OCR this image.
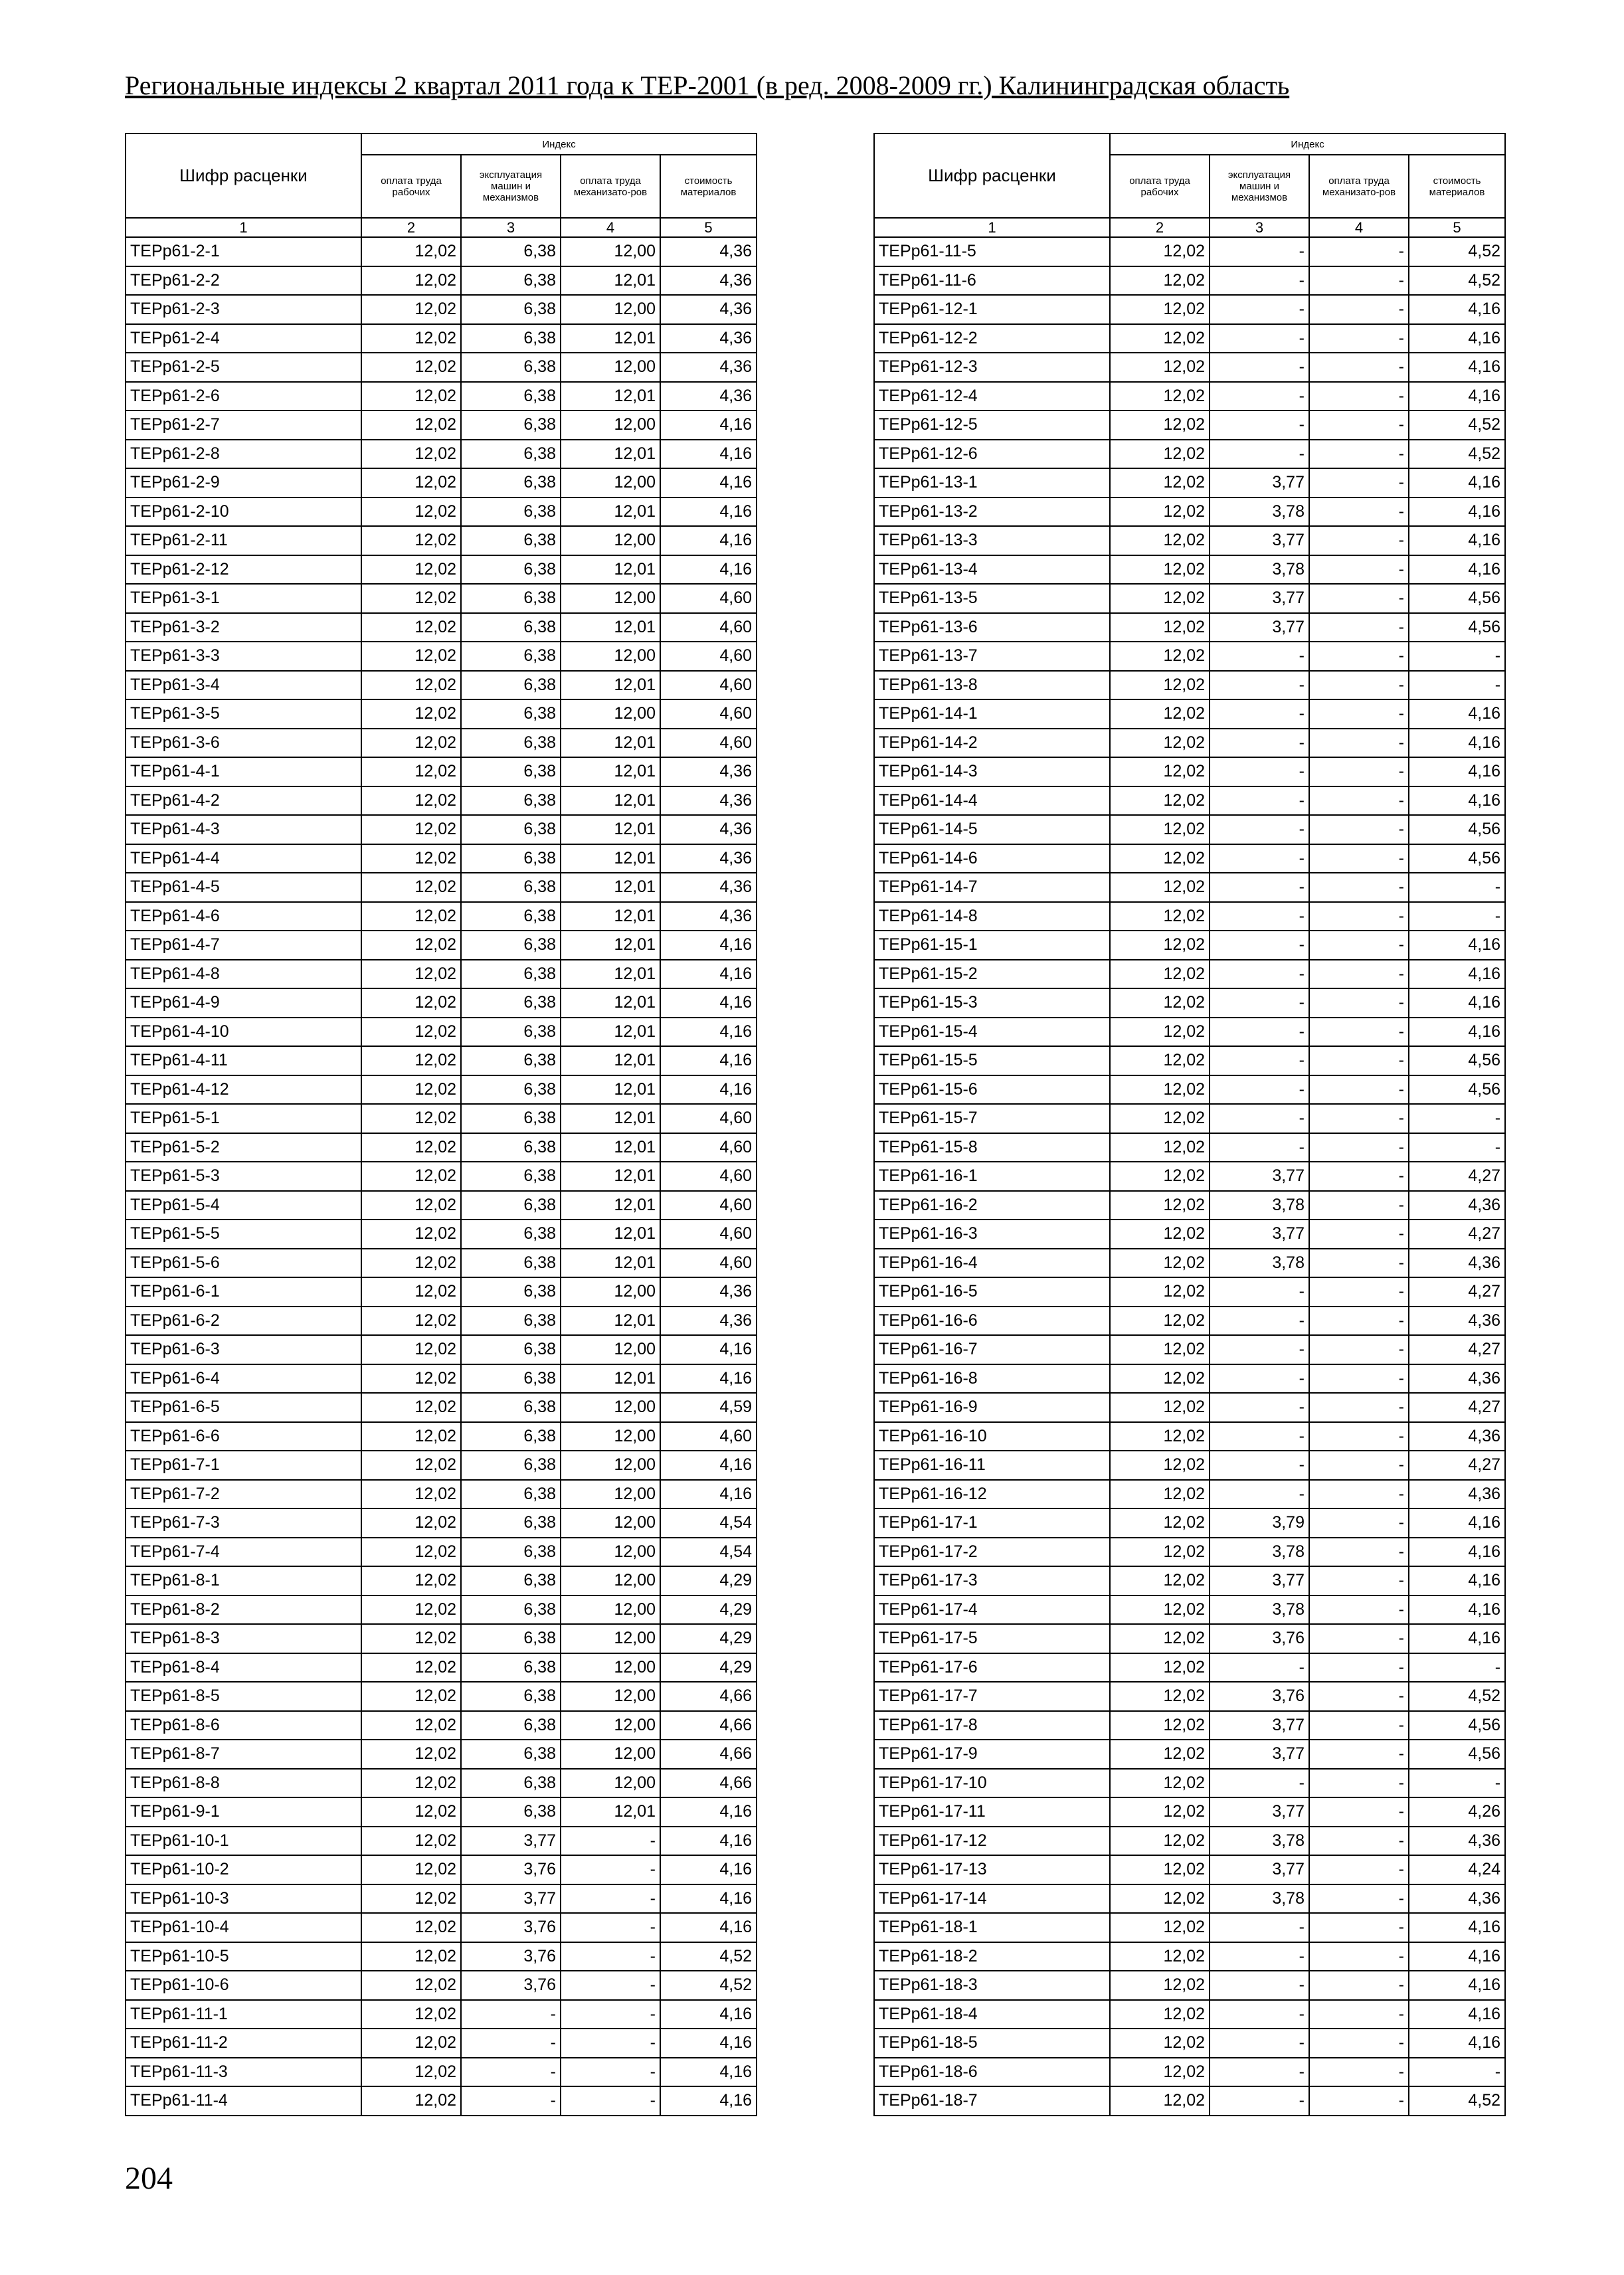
Региональные индексы 2 квартал 2011 года к ТЕР-2001 (в ред. 2008-2009 гг.) Калининградская область
Шифр расценки	Индекс			
	оплата труда рабочих	эксплуатация машин и механизмов	оплата труда механизато-ров	стоимость материалов
1	2	3	4	5
ТЕРр61-2-1	12,02	6,38	12,00	4,36
ТЕРр61-2-2	12,02	6,38	12,01	4,36
ТЕРр61-2-3	12,02	6,38	12,00	4,36
ТЕРр61-2-4	12,02	6,38	12,01	4,36
ТЕРр61-2-5	12,02	6,38	12,00	4,36
ТЕРр61-2-6	12,02	6,38	12,01	4,36
ТЕРр61-2-7	12,02	6,38	12,00	4,16
ТЕРр61-2-8	12,02	6,38	12,01	4,16
ТЕРр61-2-9	12,02	6,38	12,00	4,16
ТЕРр61-2-10	12,02	6,38	12,01	4,16
ТЕРр61-2-11	12,02	6,38	12,00	4,16
ТЕРр61-2-12	12,02	6,38	12,01	4,16
ТЕРр61-3-1	12,02	6,38	12,00	4,60
ТЕРр61-3-2	12,02	6,38	12,01	4,60
ТЕРр61-3-3	12,02	6,38	12,00	4,60
ТЕРр61-3-4	12,02	6,38	12,01	4,60
ТЕРр61-3-5	12,02	6,38	12,00	4,60
ТЕРр61-3-6	12,02	6,38	12,01	4,60
ТЕРр61-4-1	12,02	6,38	12,01	4,36
ТЕРр61-4-2	12,02	6,38	12,01	4,36
ТЕРр61-4-3	12,02	6,38	12,01	4,36
ТЕРр61-4-4	12,02	6,38	12,01	4,36
ТЕРр61-4-5	12,02	6,38	12,01	4,36
ТЕРр61-4-6	12,02	6,38	12,01	4,36
ТЕРр61-4-7	12,02	6,38	12,01	4,16
ТЕРр61-4-8	12,02	6,38	12,01	4,16
ТЕРр61-4-9	12,02	6,38	12,01	4,16
ТЕРр61-4-10	12,02	6,38	12,01	4,16
ТЕРр61-4-11	12,02	6,38	12,01	4,16
ТЕРр61-4-12	12,02	6,38	12,01	4,16
ТЕРр61-5-1	12,02	6,38	12,01	4,60
ТЕРр61-5-2	12,02	6,38	12,01	4,60
ТЕРр61-5-3	12,02	6,38	12,01	4,60
ТЕРр61-5-4	12,02	6,38	12,01	4,60
ТЕРр61-5-5	12,02	6,38	12,01	4,60
ТЕРр61-5-6	12,02	6,38	12,01	4,60
ТЕРр61-6-1	12,02	6,38	12,00	4,36
ТЕРр61-6-2	12,02	6,38	12,01	4,36
ТЕРр61-6-3	12,02	6,38	12,00	4,16
ТЕРр61-6-4	12,02	6,38	12,01	4,16
ТЕРр61-6-5	12,02	6,38	12,00	4,59
ТЕРр61-6-6	12,02	6,38	12,00	4,60
ТЕРр61-7-1	12,02	6,38	12,00	4,16
ТЕРр61-7-2	12,02	6,38	12,00	4,16
ТЕРр61-7-3	12,02	6,38	12,00	4,54
ТЕРр61-7-4	12,02	6,38	12,00	4,54
ТЕРр61-8-1	12,02	6,38	12,00	4,29
ТЕРр61-8-2	12,02	6,38	12,00	4,29
ТЕРр61-8-3	12,02	6,38	12,00	4,29
ТЕРр61-8-4	12,02	6,38	12,00	4,29
ТЕРр61-8-5	12,02	6,38	12,00	4,66
ТЕРр61-8-6	12,02	6,38	12,00	4,66
ТЕРр61-8-7	12,02	6,38	12,00	4,66
ТЕРр61-8-8	12,02	6,38	12,00	4,66
ТЕРр61-9-1	12,02	6,38	12,01	4,16
ТЕРр61-10-1	12,02	3,77	-	4,16
ТЕРр61-10-2	12,02	3,76	-	4,16
ТЕРр61-10-3	12,02	3,77	-	4,16
ТЕРр61-10-4	12,02	3,76	-	4,16
ТЕРр61-10-5	12,02	3,76	-	4,52
ТЕРр61-10-6	12,02	3,76	-	4,52
ТЕРр61-11-1	12,02	-	-	4,16
ТЕРр61-11-2	12,02	-	-	4,16
ТЕРр61-11-3	12,02	-	-	4,16
ТЕРр61-11-4	12,02	-	-	4,16
Шифр расценки	Индекс			
	оплата труда рабочих	эксплуатация машин и механизмов	оплата труда механизато-ров	стоимость материалов
1	2	3	4	5
ТЕРр61-11-5	12,02	-	-	4,52
ТЕРр61-11-6	12,02	-	-	4,52
ТЕРр61-12-1	12,02	-	-	4,16
ТЕРр61-12-2	12,02	-	-	4,16
ТЕРр61-12-3	12,02	-	-	4,16
ТЕРр61-12-4	12,02	-	-	4,16
ТЕРр61-12-5	12,02	-	-	4,52
ТЕРр61-12-6	12,02	-	-	4,52
ТЕРр61-13-1	12,02	3,77	-	4,16
ТЕРр61-13-2	12,02	3,78	-	4,16
ТЕРр61-13-3	12,02	3,77	-	4,16
ТЕРр61-13-4	12,02	3,78	-	4,16
ТЕРр61-13-5	12,02	3,77	-	4,56
ТЕРр61-13-6	12,02	3,77	-	4,56
ТЕРр61-13-7	12,02	-	-	-
ТЕРр61-13-8	12,02	-	-	-
ТЕРр61-14-1	12,02	-	-	4,16
ТЕРр61-14-2	12,02	-	-	4,16
ТЕРр61-14-3	12,02	-	-	4,16
ТЕРр61-14-4	12,02	-	-	4,16
ТЕРр61-14-5	12,02	-	-	4,56
ТЕРр61-14-6	12,02	-	-	4,56
ТЕРр61-14-7	12,02	-	-	-
ТЕРр61-14-8	12,02	-	-	-
ТЕРр61-15-1	12,02	-	-	4,16
ТЕРр61-15-2	12,02	-	-	4,16
ТЕРр61-15-3	12,02	-	-	4,16
ТЕРр61-15-4	12,02	-	-	4,16
ТЕРр61-15-5	12,02	-	-	4,56
ТЕРр61-15-6	12,02	-	-	4,56
ТЕРр61-15-7	12,02	-	-	-
ТЕРр61-15-8	12,02	-	-	-
ТЕРр61-16-1	12,02	3,77	-	4,27
ТЕРр61-16-2	12,02	3,78	-	4,36
ТЕРр61-16-3	12,02	3,77	-	4,27
ТЕРр61-16-4	12,02	3,78	-	4,36
ТЕРр61-16-5	12,02	-	-	4,27
ТЕРр61-16-6	12,02	-	-	4,36
ТЕРр61-16-7	12,02	-	-	4,27
ТЕРр61-16-8	12,02	-	-	4,36
ТЕРр61-16-9	12,02	-	-	4,27
ТЕРр61-16-10	12,02	-	-	4,36
ТЕРр61-16-11	12,02	-	-	4,27
ТЕРр61-16-12	12,02	-	-	4,36
ТЕРр61-17-1	12,02	3,79	-	4,16
ТЕРр61-17-2	12,02	3,78	-	4,16
ТЕРр61-17-3	12,02	3,77	-	4,16
ТЕРр61-17-4	12,02	3,78	-	4,16
ТЕРр61-17-5	12,02	3,76	-	4,16
ТЕРр61-17-6	12,02	-	-	-
ТЕРр61-17-7	12,02	3,76	-	4,52
ТЕРр61-17-8	12,02	3,77	-	4,56
ТЕРр61-17-9	12,02	3,77	-	4,56
ТЕРр61-17-10	12,02	-	-	-
ТЕРр61-17-11	12,02	3,77	-	4,26
ТЕРр61-17-12	12,02	3,78	-	4,36
ТЕРр61-17-13	12,02	3,77	-	4,24
ТЕРр61-17-14	12,02	3,78	-	4,36
ТЕРр61-18-1	12,02	-	-	4,16
ТЕРр61-18-2	12,02	-	-	4,16
ТЕРр61-18-3	12,02	-	-	4,16
ТЕРр61-18-4	12,02	-	-	4,16
ТЕРр61-18-5	12,02	-	-	4,16
ТЕРр61-18-6	12,02	-	-	-
ТЕРр61-18-7	12,02	-	-	4,52
204
